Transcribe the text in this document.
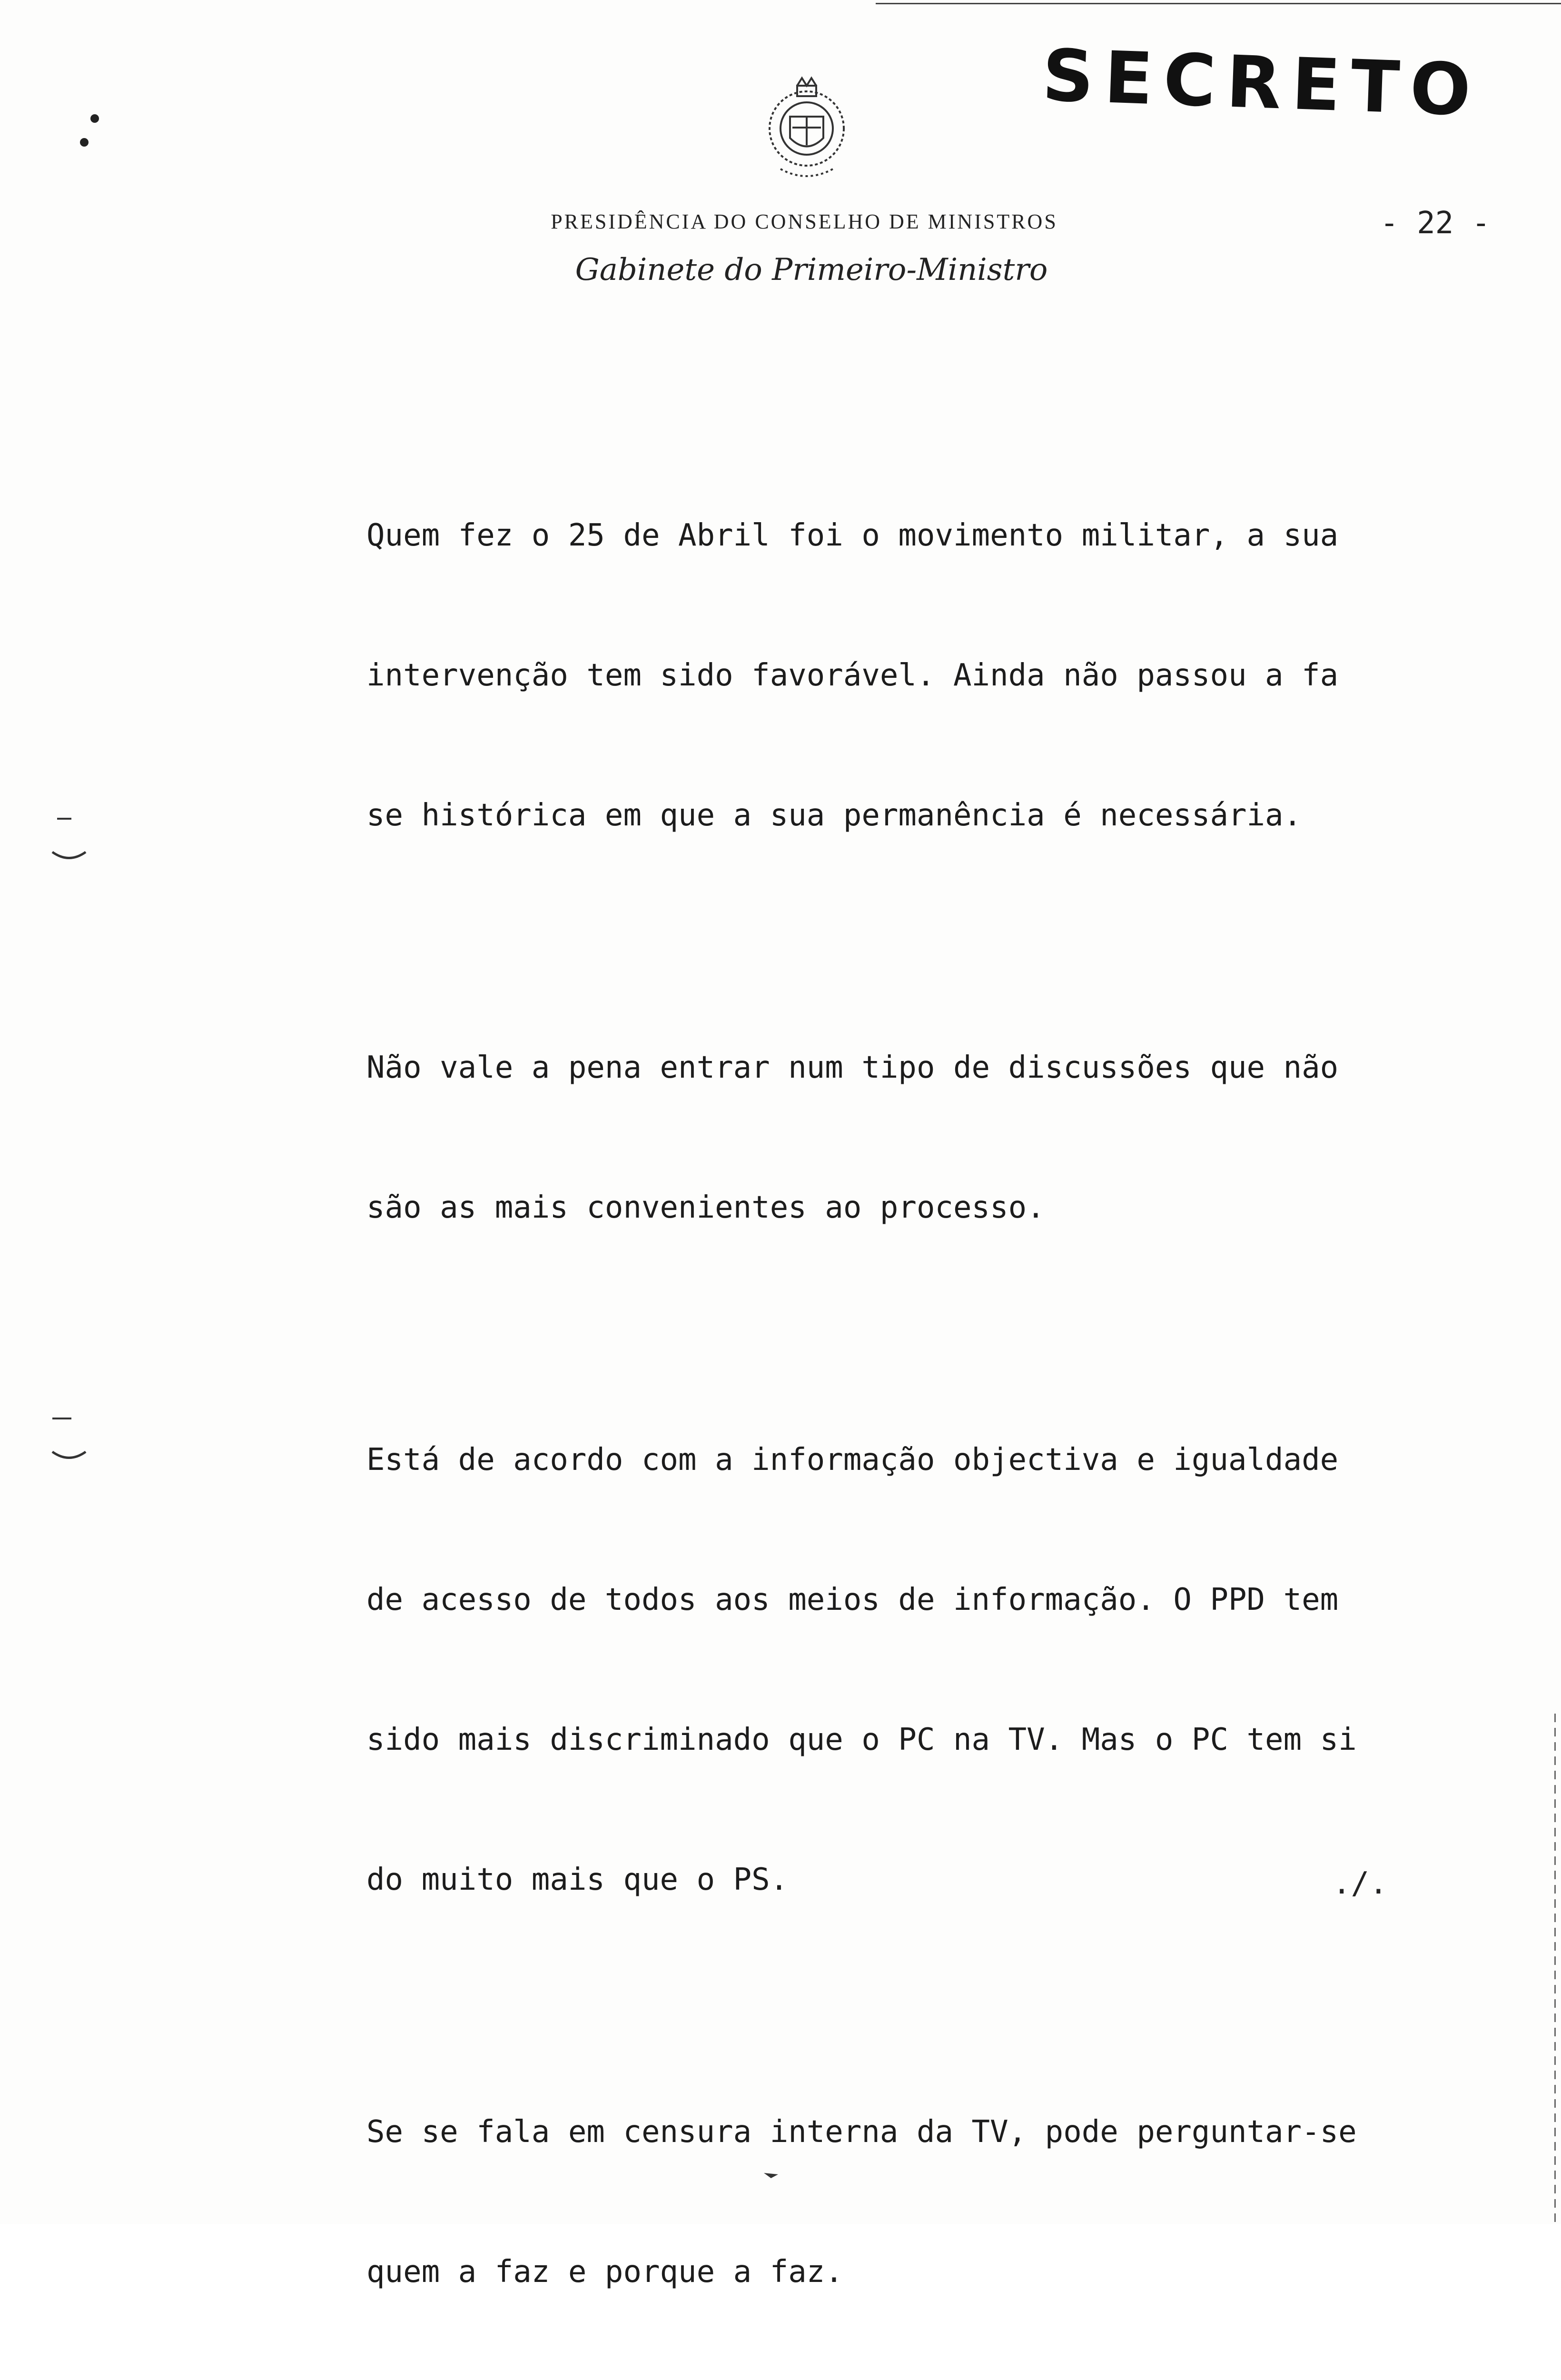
SECRETO
PRESIDÊNCIA DO CONSELHO DE MINISTROS
Gabinete do Primeiro-Ministro
- 22 -

Quem fez o 25 de Abril foi o movimento militar, a sua

intervenção tem sido favorável. Ainda não passou a fa

se histórica em que a sua permanência é necessária.

Não vale a pena entrar num tipo de discussões que não

são as mais convenientes ao processo.

Está de acordo com a informação objectiva e igualdade

de acesso de todos aos meios de informação. O PPD tem

sido mais discriminado que o PC na TV. Mas o PC tem si

do muito mais que o PS.

Se se fala em censura interna da TV, pode perguntar-se

quem a faz e porque a faz.

./.
